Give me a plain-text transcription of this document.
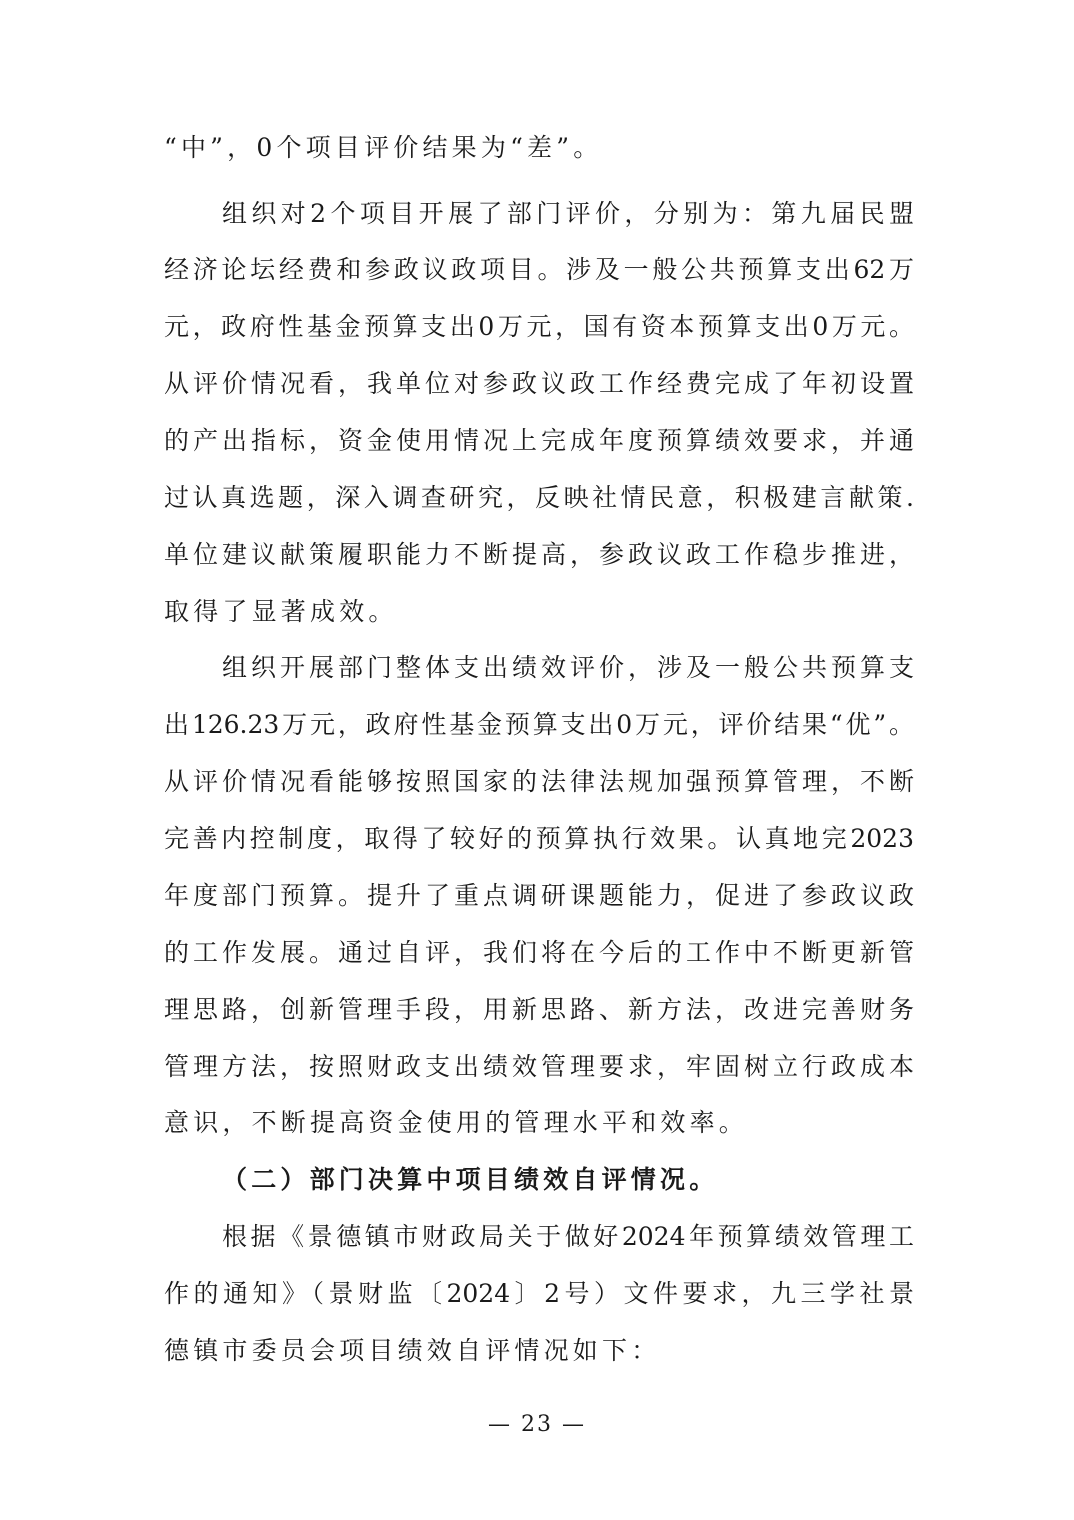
“中”，0个项目评价结果为“差”。
组织对2个项目开展了部门评价，分别为：第九届民盟
经济论坛经费和参政议政项目。涉及一般公共预算支出62万
元，政府性基金预算支出0万元，国有资本预算支出0万元。
从评价情况看，我单位对参政议政工作经费完成了年初设置
的产出指标，资金使用情况上完成年度预算绩效要求，并通
过认真选题，深入调查研究，反映社情民意，积极建言献策.
单位建议献策履职能力不断提高，参政议政工作稳步推进，
取得了显著成效。
组织开展部门整体支出绩效评价，涉及一般公共预算支
出126.23万元，政府性基金预算支出0万元，评价结果“优”。
从评价情况看能够按照国家的法律法规加强预算管理，不断
完善内控制度，取得了较好的预算执行效果。认真地完2023
年度部门预算。提升了重点调研课题能力，促进了参政议政
的工作发展。通过自评，我们将在今后的工作中不断更新管
理思路，创新管理手段，用新思路、新方法，改进完善财务
管理方法，按照财政支出绩效管理要求，牢固树立行政成本
意识，不断提高资金使用的管理水平和效率。
（二）部门决算中项目绩效自评情况。
根据《景德镇市财政局关于做好2024年预算绩效管理工
作的通知》（景财监〔2024〕2号）文件要求，九三学社景
德镇市委员会项目绩效自评情况如下：
— 23 —
